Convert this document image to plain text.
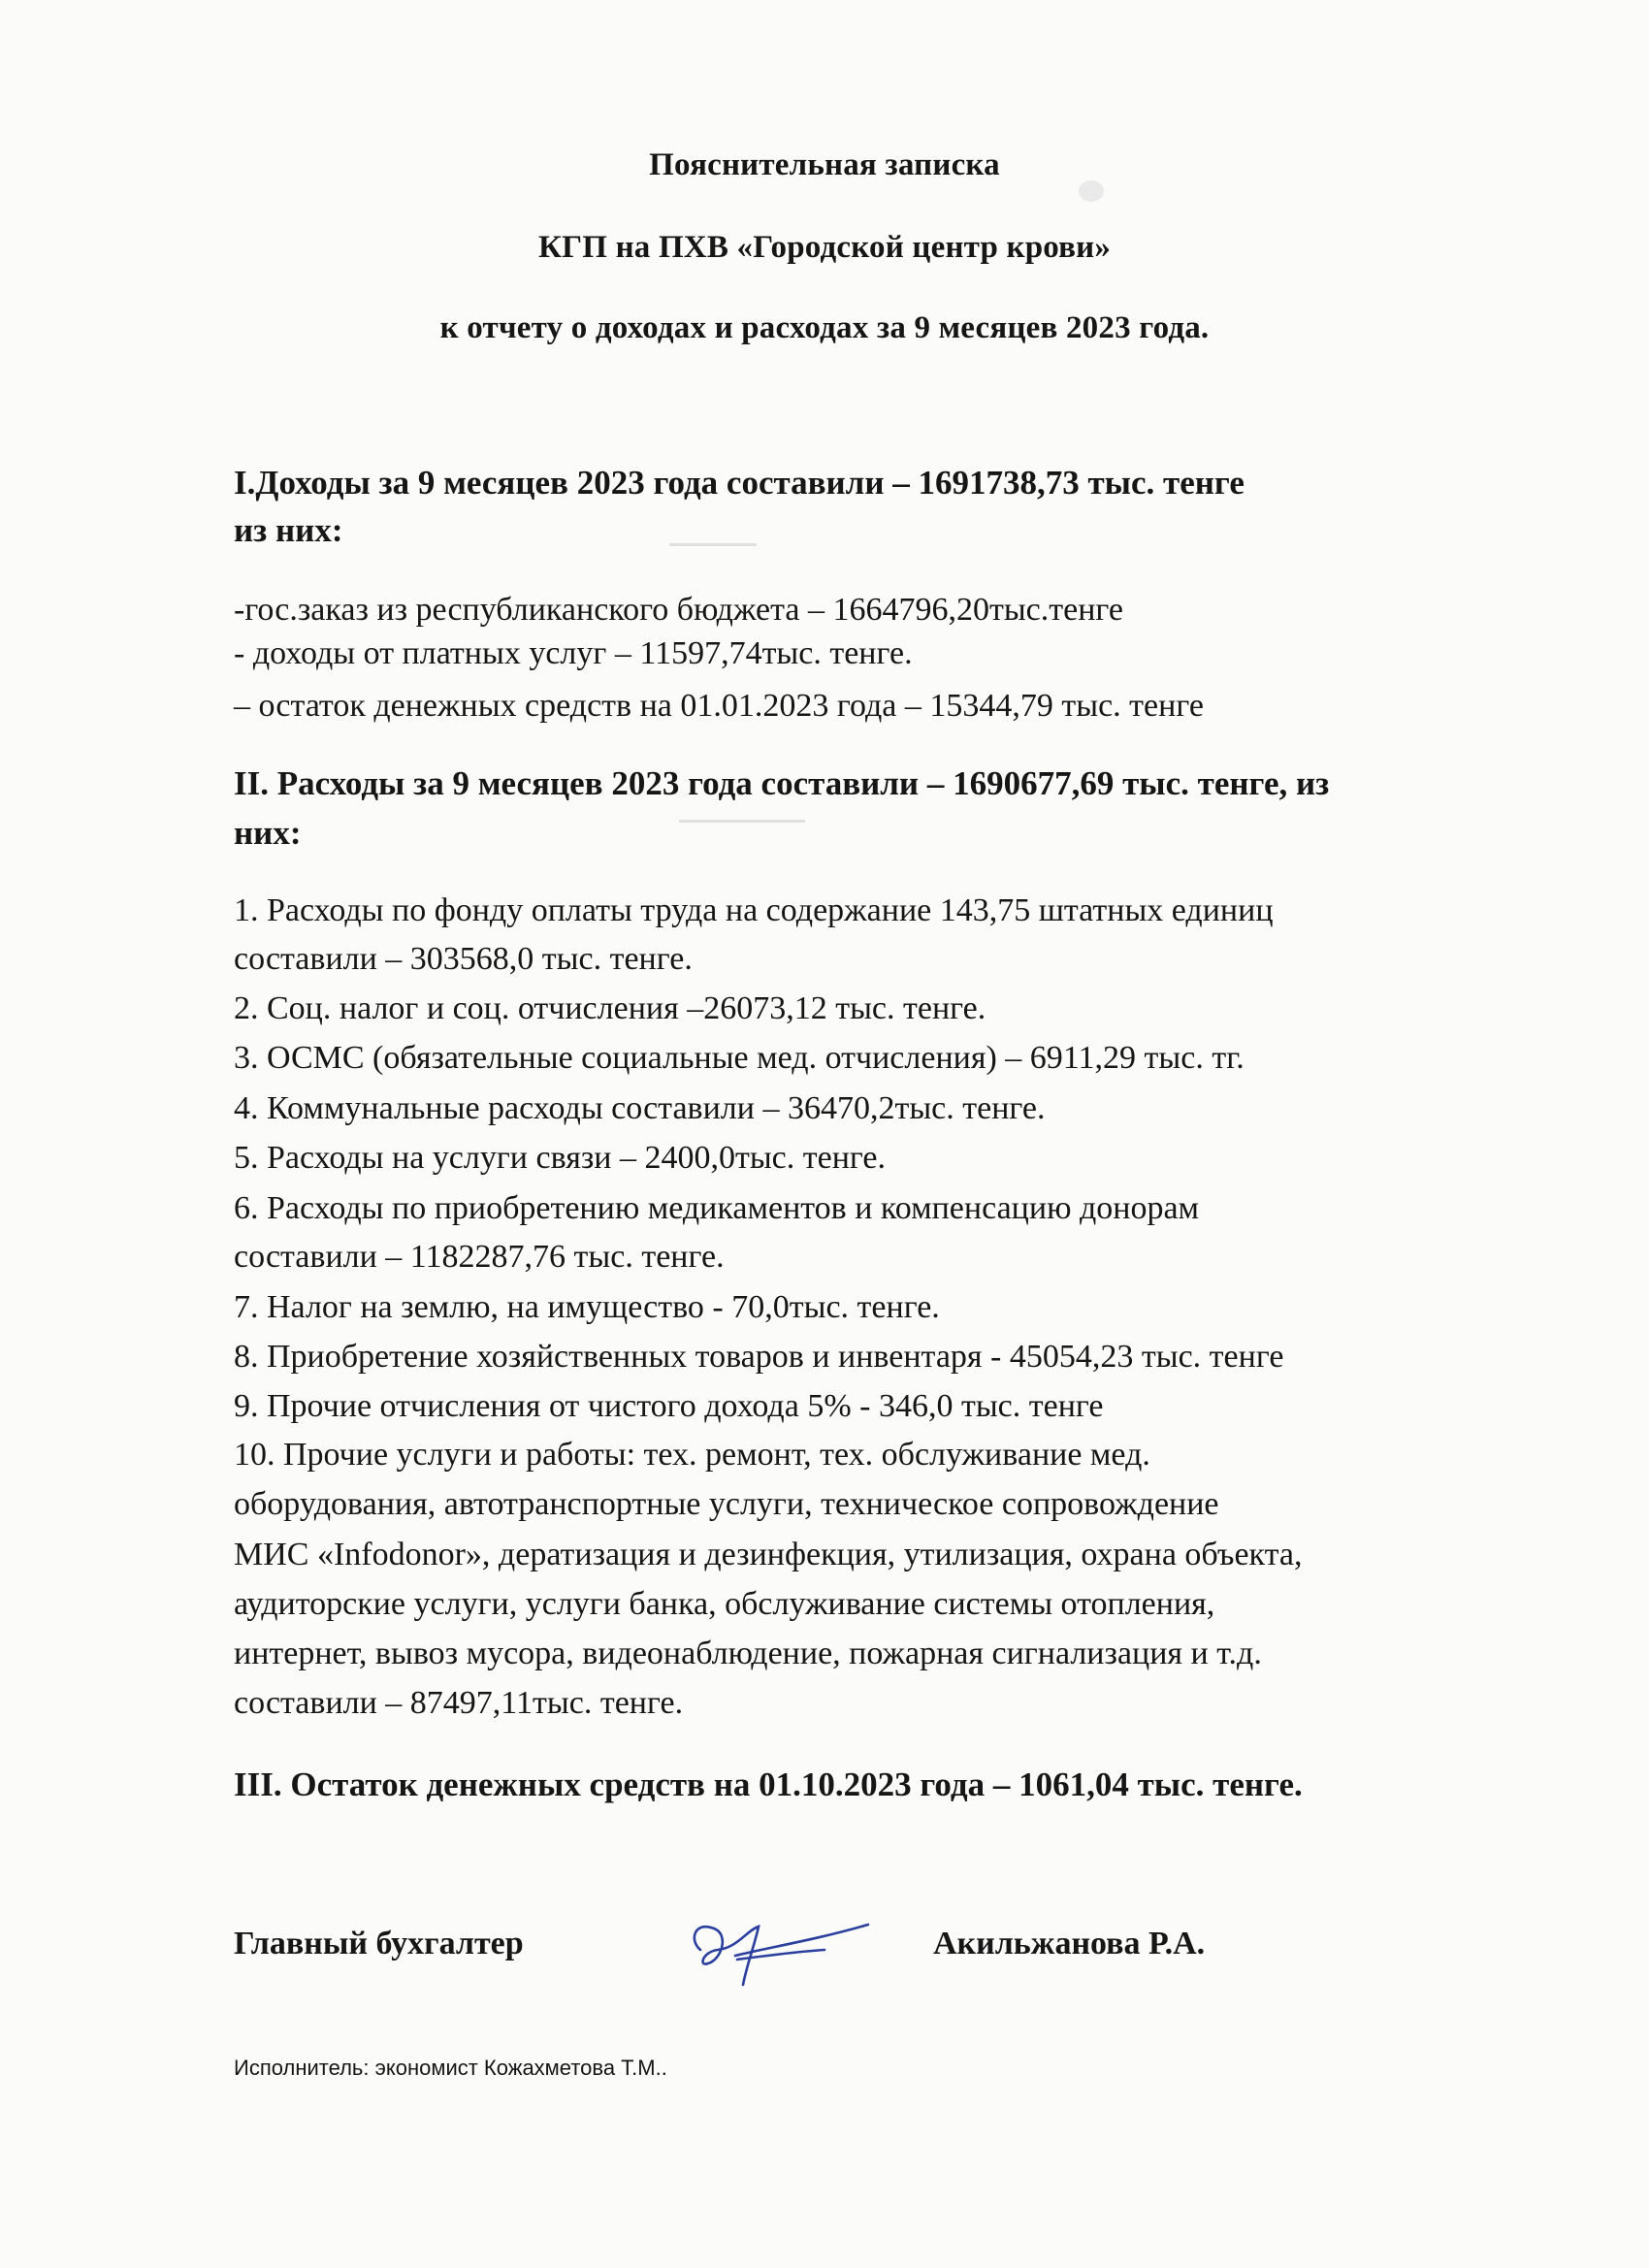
Пояснительная записка
КГП на ПХВ «Городской центр крови»
к отчету о доходах и расходах за 9 месяцев 2023 года.
I.Доходы за 9 месяцев 2023 года составили – 1691738,73 тыс. тенге
из них:
-гос.заказ из республиканского бюджета – 1664796,20тыс.тенге
- доходы от платных услуг – 11597,74тыс. тенге.
– остаток денежных средств на 01.01.2023 года – 15344,79 тыс. тенге
II. Расходы за 9 месяцев 2023 года составили – 1690677,69 тыс. тенге, из
них:
1. Расходы по фонду оплаты труда на содержание 143,75 штатных единиц
составили – 303568,0 тыс. тенге.
2. Соц. налог и соц. отчисления –26073,12 тыс. тенге.
3. ОСМС (обязательные социальные мед. отчисления) – 6911,29 тыс. тг.
4. Коммунальные расходы составили – 36470,2тыс. тенге.
5. Расходы на услуги связи – 2400,0тыс. тенге.
6. Расходы по приобретению медикаментов и компенсацию донорам
составили – 1182287,76 тыс. тенге.
7. Налог на землю, на имущество - 70,0тыс. тенге.
8. Приобретение хозяйственных товаров и инвентаря - 45054,23 тыс. тенге
9. Прочие отчисления от чистого дохода 5% - 346,0 тыс. тенге
10. Прочие услуги и работы: тех. ремонт, тех. обслуживание мед.
оборудования, автотранспортные услуги, техническое сопровождение
МИС «Infodonor», дератизация и дезинфекция, утилизация, охрана объекта,
аудиторские услуги, услуги банка, обслуживание системы отопления,
интернет, вывоз мусора, видеонаблюдение, пожарная сигнализация и т.д.
составили – 87497,11тыс. тенге.
III. Остаток денежных средств на 01.10.2023 года – 1061,04 тыс. тенге.
Главный бухгалтер	Акильжанова Р.А.
Исполнитель: экономист Кожахметова Т.М..
